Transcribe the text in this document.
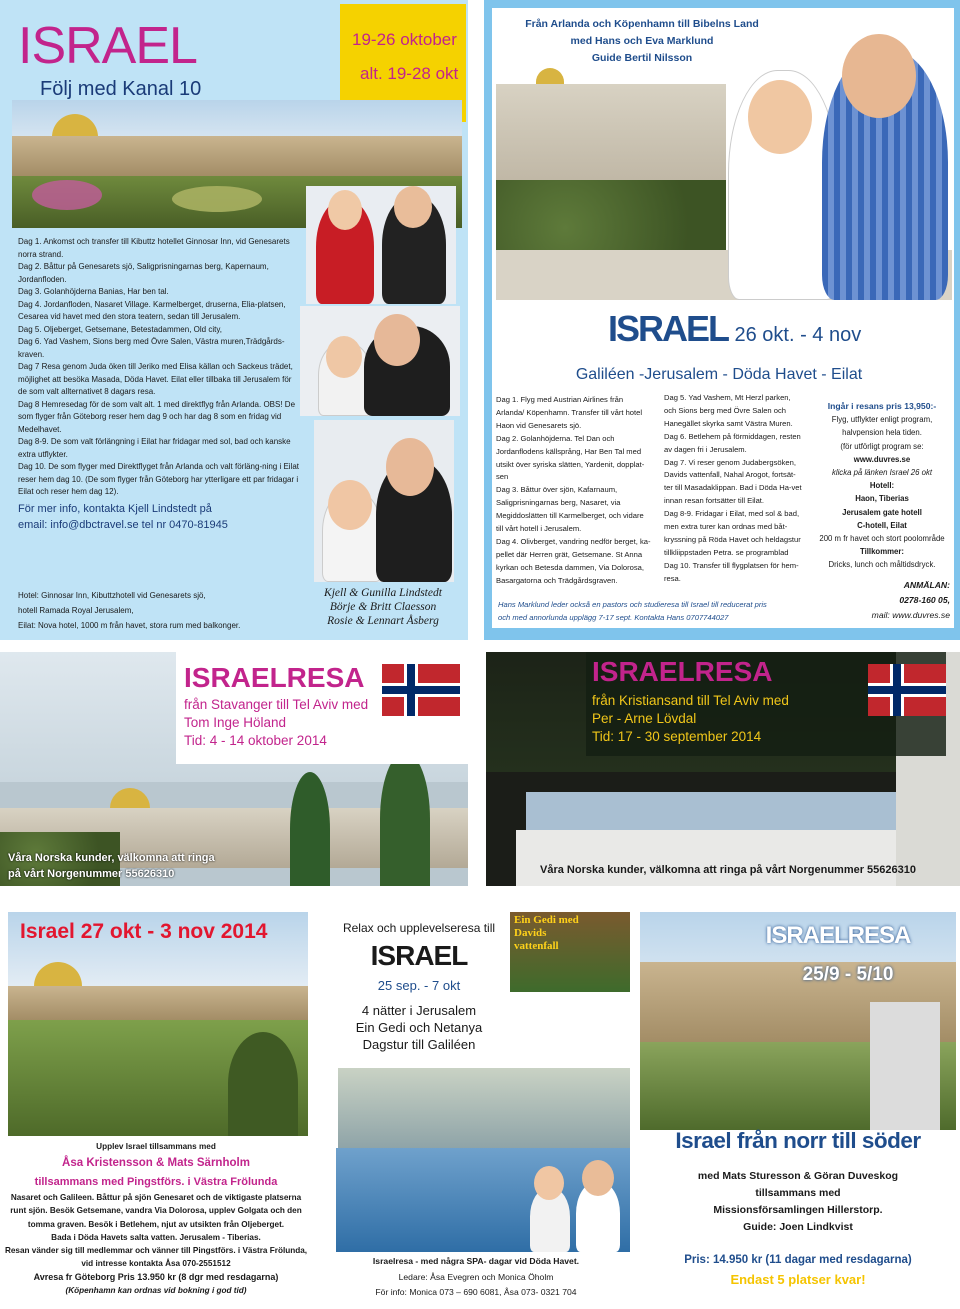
ISRAEL
Följ med Kanal 10
19-26 oktober
alt. 19-28 okt

Dag 1. Ankomst och transfer till Kibuttz hotellet Ginnosar Inn, vid Genesarets norra strand.

Dag 2. Båttur på Genesarets sjö, Saligprisningarnas berg, Kapernaum, Jordanfloden.

Dag 3. Golanhöjderna Banias, Har ben tal.

Dag 4. Jordanfloden, Nasaret Village. Karmelberget, druserna, Elia-platsen, Cesarea vid havet med den stora teatern, sedan till Jerusalem.

Dag 5. Oljeberget, Getsemane, Betestadammen, Old city,

Dag 6. Yad Vashem, Sions berg med Övre Salen, Västra muren,Trädgårds-kraven.

Dag 7 Resa genom Juda öken till Jeriko med Elisa källan och Sackeus trädet, möjlighet att besöka Masada, Döda Havet. Eilat eller tillbaka till Jerusalem för de som valt allternativet 8 dagars resa.

Dag 8 Hemresedag för de som valt alt. 1 med direktflyg från Arlanda. OBS! De som flyger från Göteborg reser hem dag 9 och har dag 8 som en fridag vid Medelhavet.

Dag 8-9. De som valt förlängning i Eilat har fridagar med sol, bad och kanske extra utflykter.

Dag 10. De som flyger med Direktflyget från Arlanda och valt förläng-ning i Eilat reser hem dag 10. (De som flyger från Göteborg har ytterligare ett par fridagar i Eilat och reser hem dag 12).

För mer info, kontakta Kjell Lindstedt på

email: info@dbctravel.se tel nr 0470-81945

Hotel: Ginnosar Inn, Kibuttzhotell vid Genesarets sjö,

hotell Ramada Royal Jerusalem,

Eilat: Nova hotel, 1000 m från havet, stora rum med balkonger.

Kjell & Gunilla Lindstedt

Börje & Britt Claesson

Rosie & Lennart Åsberg

Från Arlanda och Köpenhamn till Bibelns Land

med Hans och Eva Marklund

Guide Bertil Nilsson

ISRAEL 26 okt. - 4 nov
Galiléen -Jerusalem - Döda Havet - Eilat

Dag 1. Flyg med Austrian Airlines från Arlanda/ Köpenhamn. Transfer till vårt hotel Haon vid Genesarets sjö.

Dag 2. Golanhöjderna. Tel Dan och Jordanflodens källsprång, Har Ben Tal med utsikt över syriska slätten, Yardenit, dopplat-sen

Dag 3. Båttur över sjön, Kafarnaum, Saligprisningarnas berg, Nasaret, via Megiddoslätten till Karmelberget, och vidare till vårt hotell i Jerusalem.

Dag 4. Olivberget, vandring nedför berget, ka-pellet där Herren grät, Getsemane. St Anna kyrkan och Betesda dammen, Via Dolorosa, Basargatorna och Trädgårdsgraven.

Dag 5. Yad Vashem, Mt Herzl parken, och Sions berg med Övre Salen och Hanegället skyrka samt Västra Muren.

Dag 6. Betlehem på förmiddagen, resten av dagen fri i Jerusalem.

Dag 7. Vi reser genom Judabergsöken, Davids vattenfall, Nahal Arogot, fortsät-ter till Masadaklippan. Bad i Döda Ha-vet innan resan fortsätter till Eilat.

Dag 8-9. Fridagar i Eilat, med sol & bad, men extra turer kan ordnas med båt-kryssning på Röda Havet och heldagstur tillkliippstaden Petra. se programblad

Dag 10. Transfer till flygplatsen för hem-resa.

Ingår i resans pris 13,950:-

Flyg, utflykter enligt program,

halvpension hela tiden.

(för utförligt program se:

www.duvres.se

klicka på länken Israel 26 okt

Hotell:

Haon, Tiberias

Jerusalem gate hotell

C-hotell, Eilat

200 m fr havet och stort poolområde

Tillkommer:

Dricks, lunch och måltidsdryck.

ANMÄLAN:

0278-160 05,

mail: www.duvres.se

Hans Marklund leder också en pastors och studieresa till Israel till reducerat pris

och med annorlunda upplägg 7-17 sept. Kontakta Hans 0707744027

ISRAELRESA

från Stavanger till Tel Aviv med

Tom Inge Höland

Tid: 4 - 14 oktober 2014

Våra Norska kunder, välkomna att ringa

på vårt Norgenummer 55626310

ISRAELRESA

från Kristiansand till Tel Aviv med

Per - Arne Lövdal

Tid: 17 - 30 september 2014

Våra Norska kunder, välkomna att ringa på vårt Norgenummer 55626310
Israel 27 okt - 3 nov 2014

Upplev Israel tillsammans med

Åsa Kristensson & Mats Särnholm

tillsammans med Pingstförs. i Västra Frölunda

Nasaret och Galileen. Båttur på sjön Genesaret och de viktigaste platserna

runt sjön. Besök Getsemane, vandra Via Dolorosa, upplev Golgata och den

tomma graven. Besök i Betlehem, njut av utsikten från Oljeberget.

Bada i Döda Havets salta vatten. Jerusalem - Tiberias.

Resan vänder sig till medlemmar och vänner till Pingstförs. i Västra Frölunda,

vid intresse kontakta Åsa 070-2551512

Avresa fr Göteborg Pris 13.950 kr (8 dgr med resdagarna)

(Köpenhamn kan ordnas vid bokning i god tid)

Relax och upplevelseresa till

ISRAEL

25 sep. - 7 okt

4 nätter i Jerusalem

Ein Gedi och Netanya

Dagstur till Galiléen

Ein Gedi med Davids vattenfall

Israelresa - med några SPA- dagar vid Döda Havet.

Ledare: Åsa Evegren och Monica Öholm

För info: Monica 073 – 690 6081, Åsa 073- 0321 704

ISRAELRESA
25/9 - 5/10
Israel från norr till söder

med Mats Sturesson & Göran Duveskog

tillsammans med

Missionsförsamlingen Hillerstorp.

Guide: Joen Lindkvist

Pris: 14.950 kr (11 dagar med resdagarna)
Endast 5 platser kvar!
